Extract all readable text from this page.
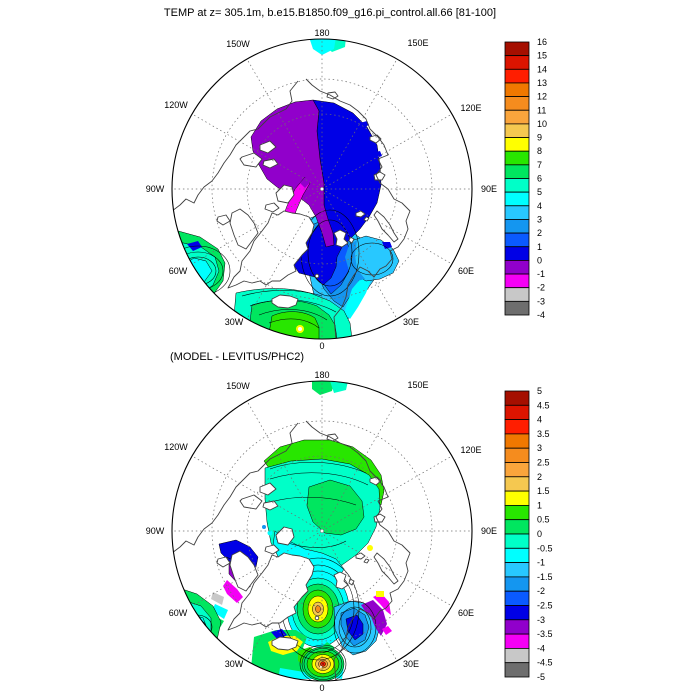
TEMP at z= 305.1m, b.e15.B1850.f09_g16.pi_control.all.66 [81-100]
180
150W
120W
90W
60W
30W
0
30E
60E
90E
120E
150E	16
15
14
13
12
11
10
9
8
7
6
5
4
3
2
1
0
-1
-2
-3
-4
(MODEL - LEVITUS/PHC2)
180
150W
120W
90W
60W
30W
0
30E
60E
90E
120E
150E
5
4.5
4
3.5
3
2.5
2
1.5
1
0.5
0
-0.5
-1
-1.5
-2
-2.5
-3
-3.5
-4
-4.5
-5
